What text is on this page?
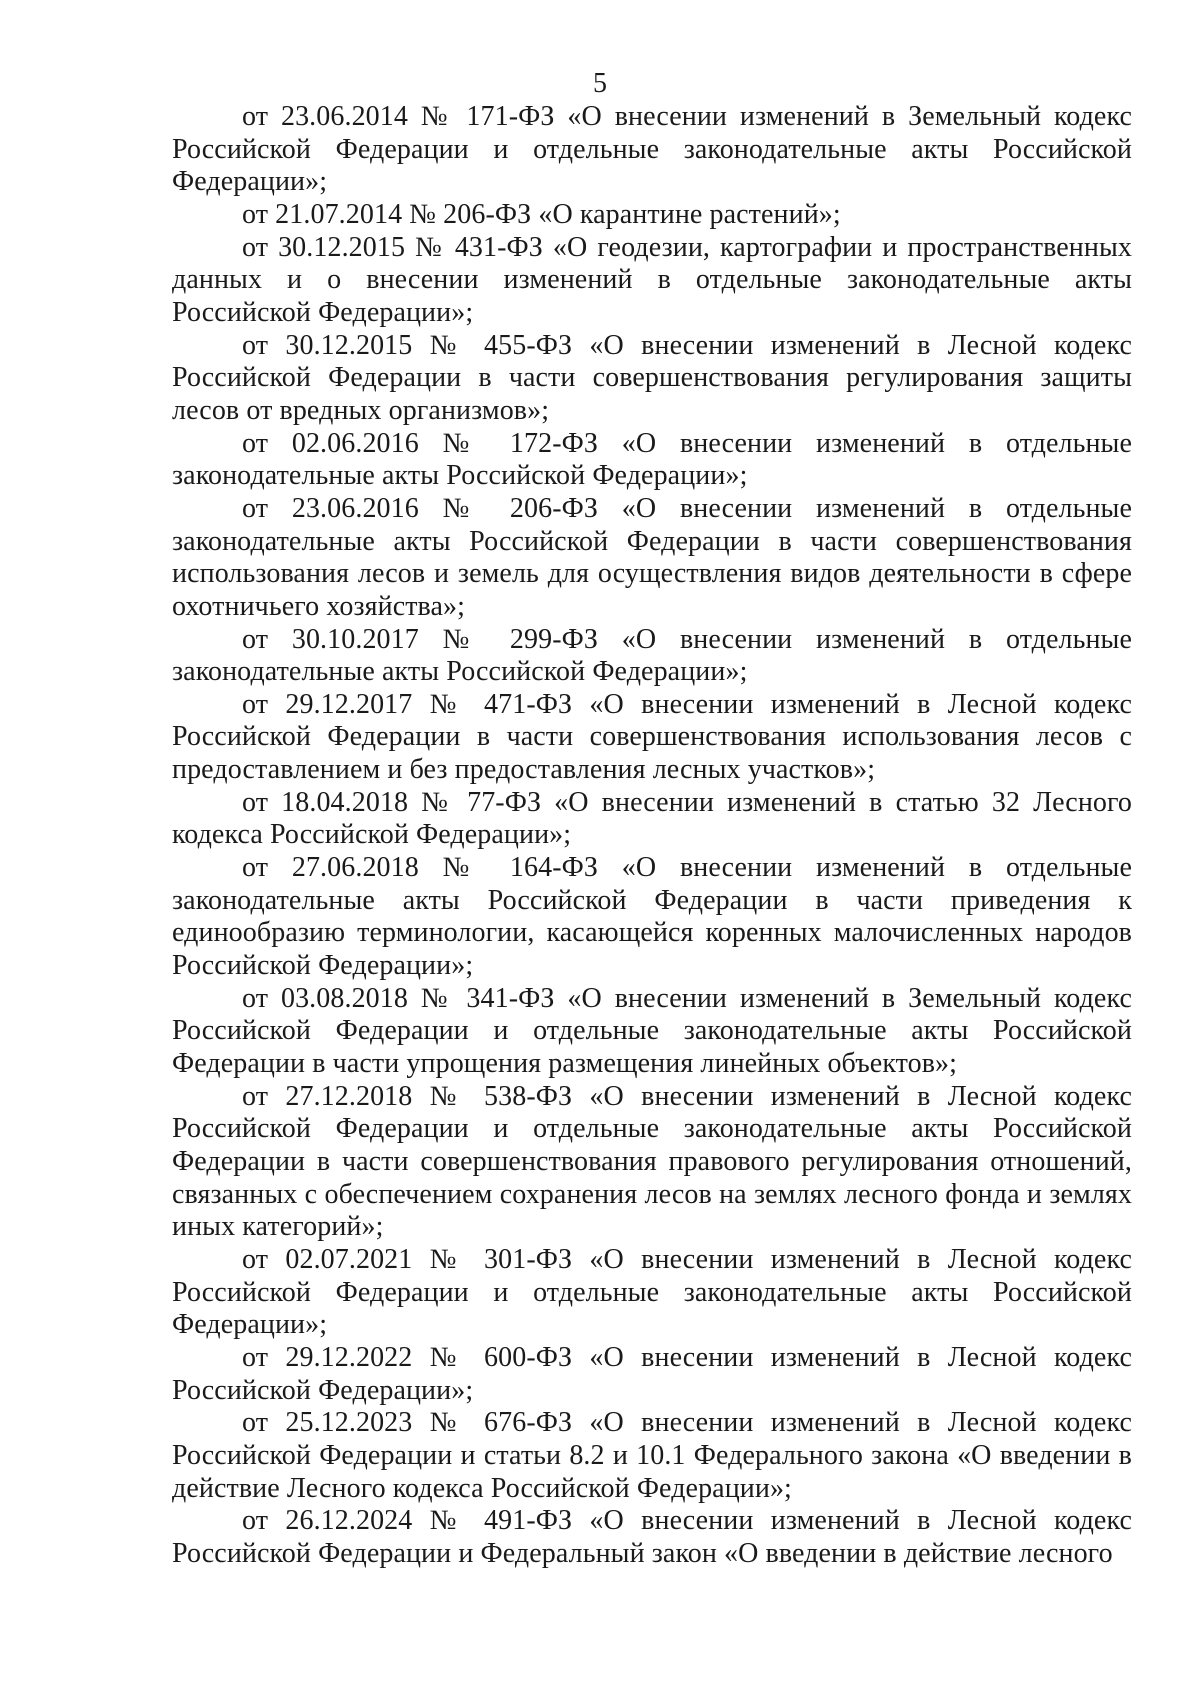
5

от 23.06.2014 № 171-ФЗ «О внесении изменений в Земельный кодекс Российской Федерации и отдельные законодательные акты Российской Федерации»;

от 21.07.2014 № 206-ФЗ «О карантине растений»;

от 30.12.2015 № 431-ФЗ «О геодезии, картографии и пространственных данных и о внесении изменений в отдельные законодательные акты Российской Федерации»;

от 30.12.2015 № 455-ФЗ «О внесении изменений в Лесной кодекс Российской Федерации в части совершенствования регулирования защиты лесов от вредных организмов»;

от 02.06.2016 № 172-ФЗ «О внесении изменений в отдельные законодательные акты Российской Федерации»;

от 23.06.2016 № 206-ФЗ «О внесении изменений в отдельные законодательные акты Российской Федерации в части совершенствования использования лесов и земель для осуществления видов деятельности в сфере охотничьего хозяйства»;

от 30.10.2017 № 299-ФЗ «О внесении изменений в отдельные законодательные акты Российской Федерации»;

от 29.12.2017 № 471-ФЗ «О внесении изменений в Лесной кодекс Российской Федерации в части совершенствования использования лесов с предоставлением и без предоставления лесных участков»;

от 18.04.2018 № 77-ФЗ «О внесении изменений в статью 32 Лесного кодекса Российской Федерации»;

от 27.06.2018 № 164-ФЗ «О внесении изменений в отдельные законодательные акты Российской Федерации в части приведения к единообразию терминологии, касающейся коренных малочисленных народов Российской Федерации»;

от 03.08.2018 № 341-ФЗ «О внесении изменений в Земельный кодекс Российской Федерации и отдельные законодательные акты Российской Федерации в части упрощения размещения линейных объектов»;

от 27.12.2018 № 538-ФЗ «О внесении изменений в Лесной кодекс Российской Федерации и отдельные законодательные акты Российской Федерации в части совершенствования правового регулирования отношений, связанных с обеспечением сохранения лесов на землях лесного фонда и землях иных категорий»;

от 02.07.2021 № 301-ФЗ «О внесении изменений в Лесной кодекс Российской Федерации и отдельные законодательные акты Российской Федерации»;

от 29.12.2022 № 600-ФЗ «О внесении изменений в Лесной кодекс Российской Федерации»;

от 25.12.2023 № 676-ФЗ «О внесении изменений в Лесной кодекс Российской Федерации и статьи 8.2 и 10.1 Федерального закона «О введении в действие Лесного кодекса Российской Федерации»;

от 26.12.2024 № 491-ФЗ «О внесении изменений в Лесной кодекс Российской Федерации и Федеральный закон «О введении в действие лесного
